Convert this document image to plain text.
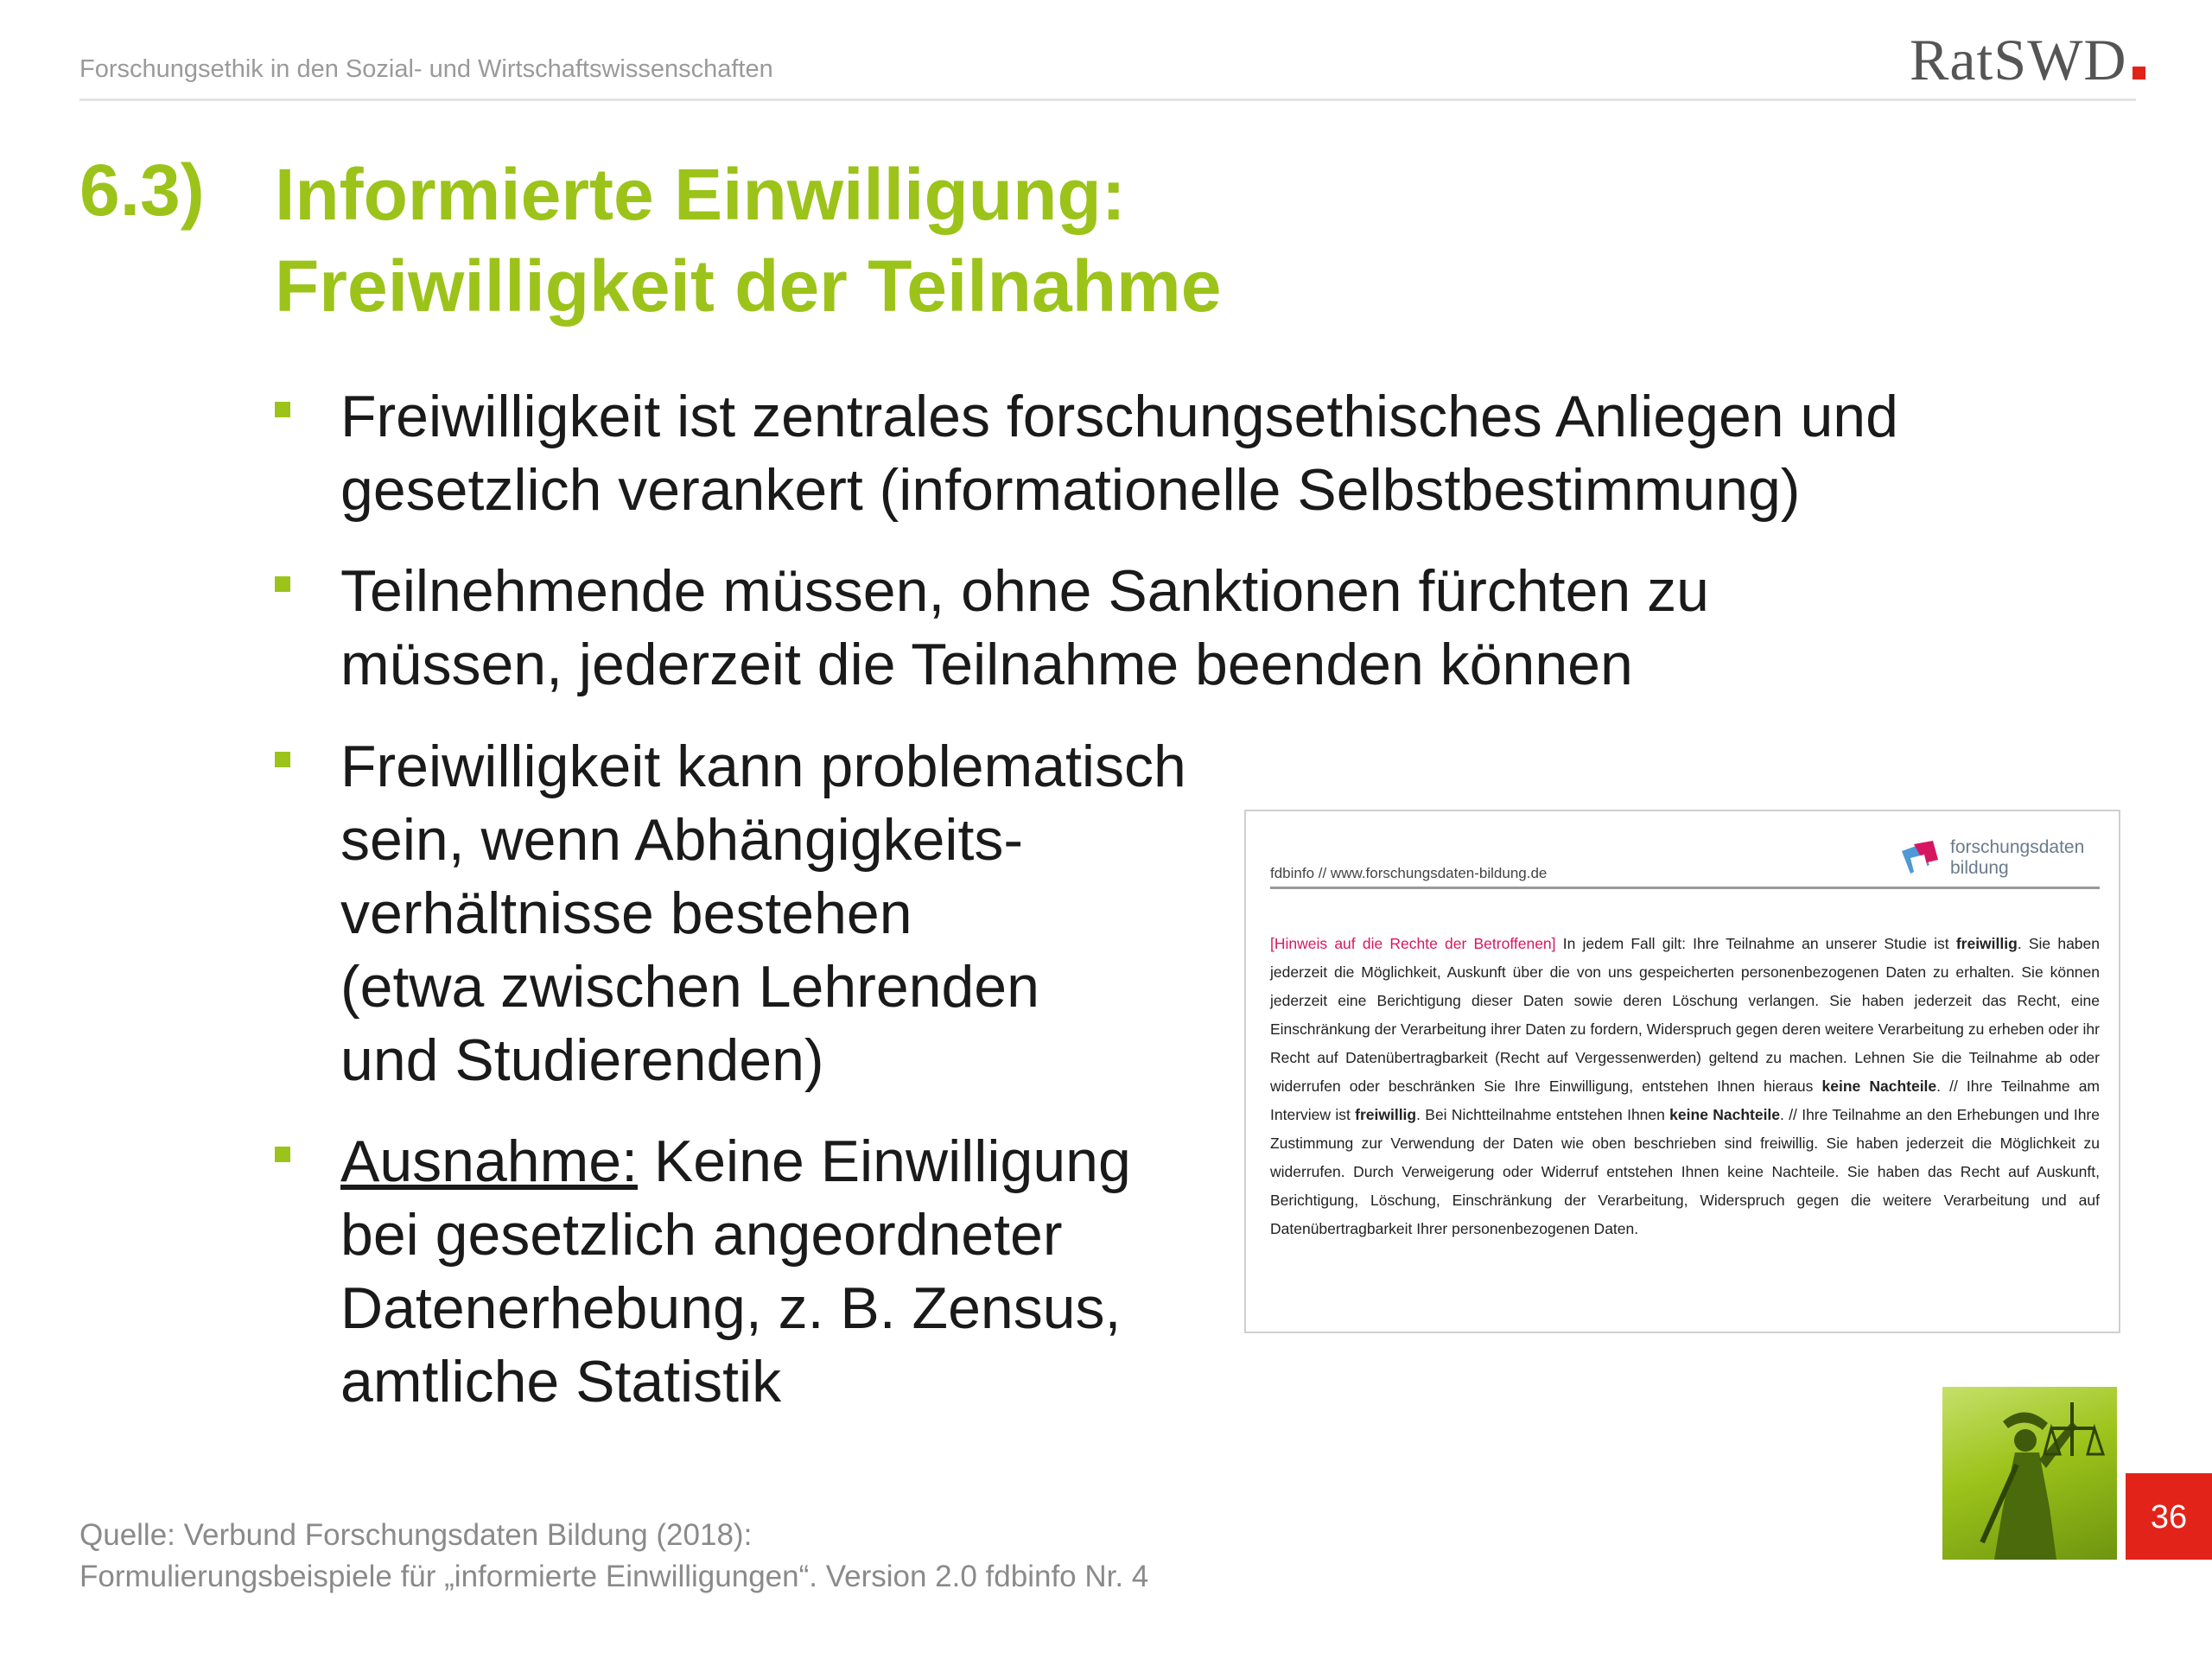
Forschungsethik in den Sozial- und Wirtschaftswissenschaften	RatSWD
6.3) Informierte Einwilligung:
Freiwilligkeit der Teilnahme
Freiwilligkeit ist zentrales forschungsethisches Anliegen und
gesetzlich verankert (informationelle Selbstbestimmung)
Teilnehmende müssen, ohne Sanktionen fürchten zu
müssen, jederzeit die Teilnahme beenden können
Freiwilligkeit kann problematisch
sein, wenn Abhängigkeits-
verhältnisse bestehen
(etwa zwischen Lehrenden
und Studierenden)
Ausnahme: Keine Einwilligung
bei gesetzlich angeordneter
Datenerhebung, z. B. Zensus,
amtliche Statistik
forschungsdaten
bildung
fdbinfo // www.forschungsdaten-bildung.de
[Hinweis auf die Rechte der Betroffenen] In jedem Fall gilt: Ihre Teilnahme an unserer Studie ist freiwillig. Sie haben jederzeit die Möglichkeit, Auskunft über die von uns gespeicherten personenbezogenen Daten zu erhalten. Sie können jederzeit eine Berichtigung dieser Daten sowie deren Löschung verlangen. Sie haben jederzeit das Recht, eine Einschränkung der Verarbeitung ihrer Daten zu fordern, Widerspruch gegen deren weitere Verarbeitung zu erheben oder ihr Recht auf Datenübertragbarkeit (Recht auf Vergessenwerden) geltend zu machen. Lehnen Sie die Teilnahme ab oder widerrufen oder beschränken Sie Ihre Einwilligung, entstehen Ihnen hieraus keine Nachteile. // Ihre Teilnahme am Interview ist freiwillig. Bei Nichtteilnahme entstehen Ihnen keine Nachteile. // Ihre Teilnahme an den Erhebungen und Ihre Zustimmung zur Verwendung der Daten wie oben beschrieben sind freiwillig. Sie haben jederzeit die Möglichkeit zu widerrufen. Durch Verweigerung oder Widerruf entstehen Ihnen keine Nachteile. Sie haben das Recht auf Auskunft, Berichtigung, Löschung, Einschränkung der Verarbeitung, Widerspruch gegen die weitere Verarbeitung und auf Datenübertragbarkeit Ihrer personenbezogenen Daten.
Quelle: Verbund Forschungsdaten Bildung (2018):
Formulierungsbeispiele für „informierte Einwilligungen“. Version 2.0 fdbinfo Nr. 4
36
